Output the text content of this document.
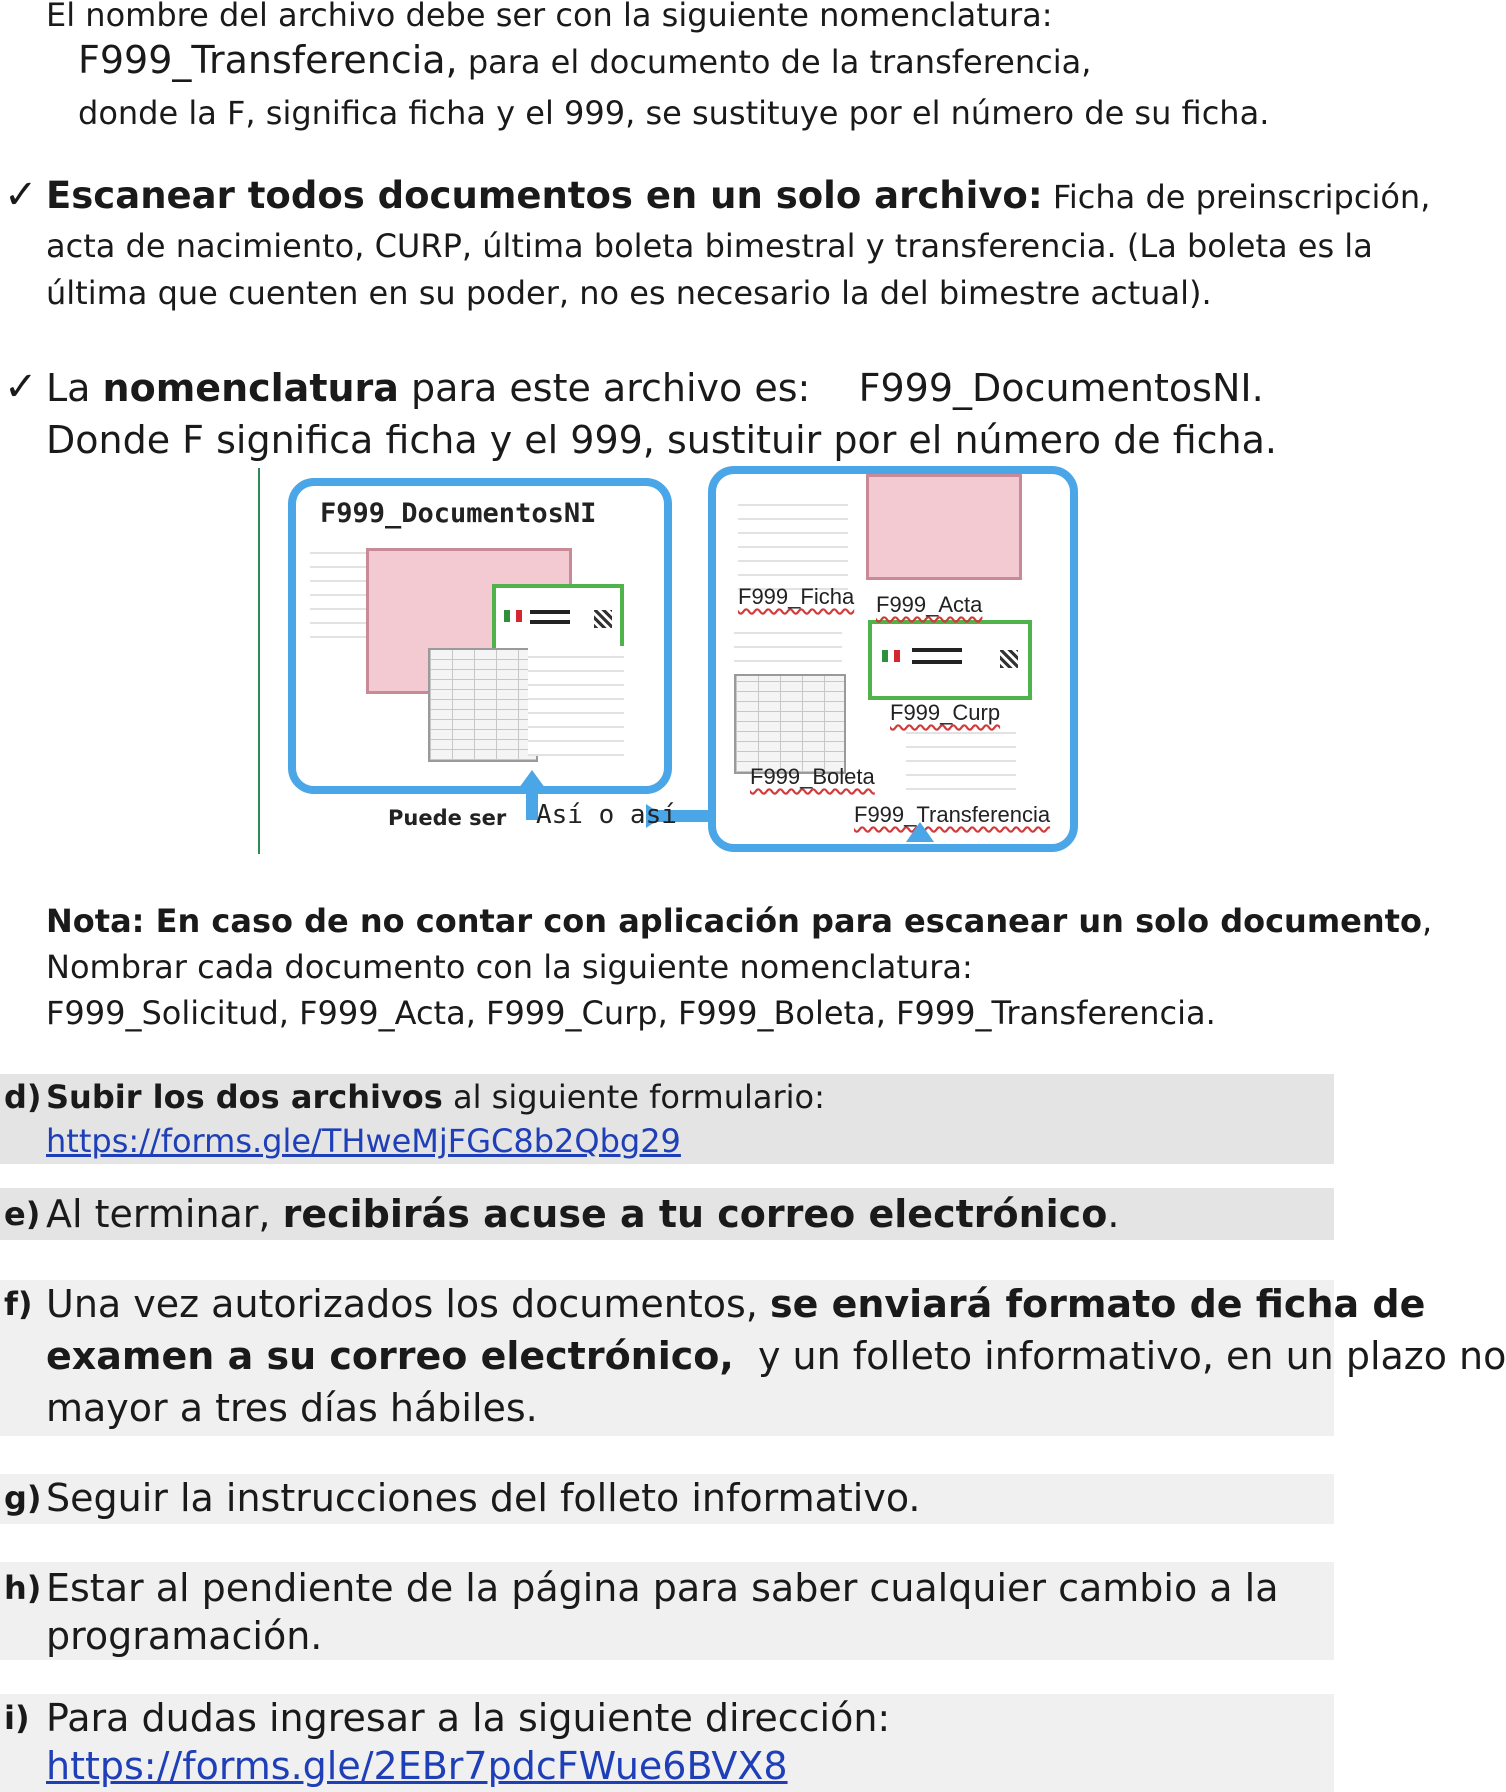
El nombre del archivo debe ser con la siguiente nomenclatura:
F999_Transferencia, para el documento de la transferencia,
donde la F, significa ficha y el 999, se sustituye por el número de su ficha.
✓ Escanear todos documentos en un solo archivo: Ficha de preinscripción,
acta de nacimiento, CURP, última boleta bimestral y transferencia. (La boleta es la
última que cuenten en su poder, no es necesario la del bimestre actual).
✓ La nomenclatura para este archivo es:    F999_DocumentosNI.
Donde F significa ficha y el 999, sustituir por el número de ficha.
F999_DocumentosNI
F999_Ficha F999_Acta
F999_Curp
F999_Boleta
F999_Transferencia
Puede ser Así o así
Nota: En caso de no contar con aplicación para escanear un solo documento,
Nombrar cada documento con la siguiente nomenclatura:
F999_Solicitud, F999_Acta, F999_Curp, F999_Boleta, F999_Transferencia.
d) Subir los dos archivos al siguiente formulario:
https://forms.gle/THweMjFGC8b2Qbg29
e) Al terminar, recibirás acuse a tu correo electrónico.
f) Una vez autorizados los documentos, se enviará formato de ficha de
examen a su correo electrónico,  y un folleto informativo, en un plazo no
mayor a tres días hábiles.
g) Seguir la instrucciones del folleto informativo.
h) Estar al pendiente de la página para saber cualquier cambio a la
programación.
i) Para dudas ingresar a la siguiente dirección:
https://forms.gle/2EBr7pdcFWue6BVX8
